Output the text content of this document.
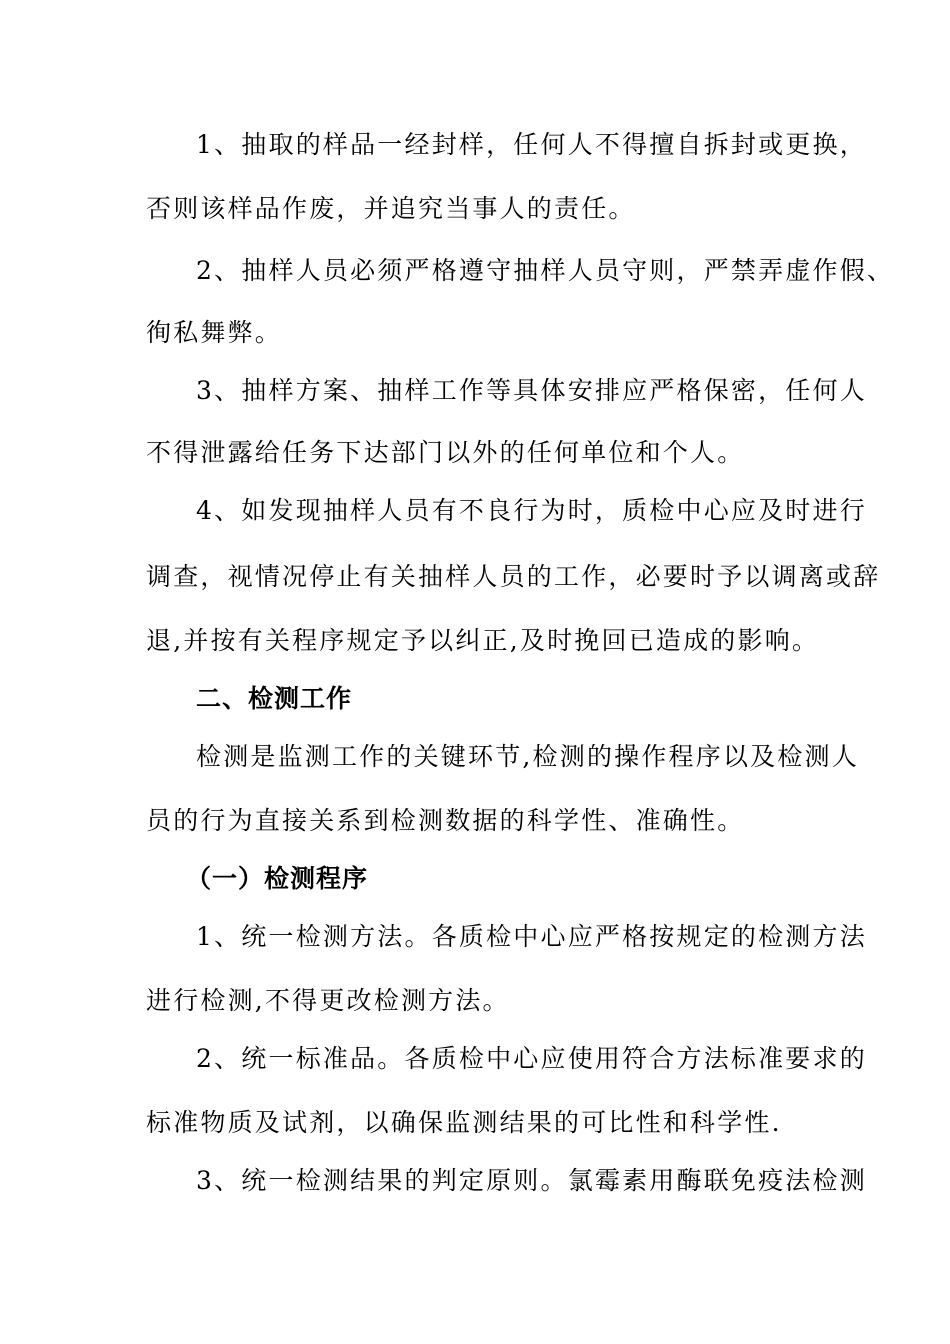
1、抽取的样品一经封样，任何人不得擅自拆封或更换，
否则该样品作废，并追究当事人的责任。
2、抽样人员必须严格遵守抽样人员守则，严禁弄虚作假、
徇私舞弊。
3、抽样方案、抽样工作等具体安排应严格保密，任何人
不得泄露给任务下达部门以外的任何单位和个人。
4、如发现抽样人员有不良行为时，质检中心应及时进行
调查，视情况停止有关抽样人员的工作，必要时予以调离或辞
退,并按有关程序规定予以纠正,及时挽回已造成的影响。
二、检测工作
检测是监测工作的关键环节,检测的操作程序以及检测人
员的行为直接关系到检测数据的科学性、准确性。
（一）检测程序
1、统一检测方法。各质检中心应严格按规定的检测方法
进行检测,不得更改检测方法。
2、统一标准品。各质检中心应使用符合方法标准要求的
标准物质及试剂，以确保监测结果的可比性和科学性.
3、统一检测结果的判定原则。氯霉素用酶联免疫法检测
